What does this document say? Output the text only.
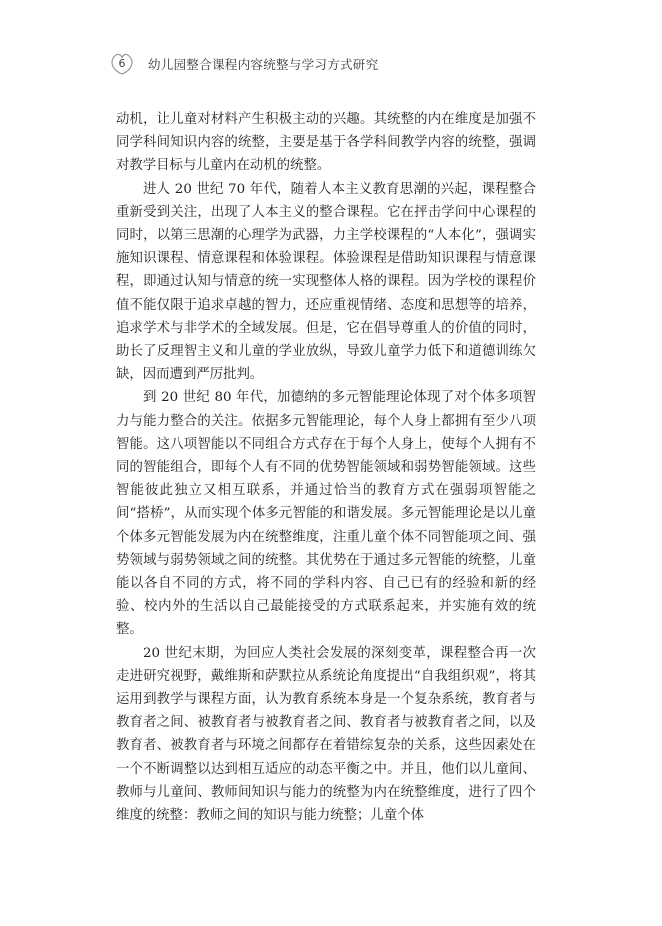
6	幼儿园整合课程内容统整与学习方式研究

动机，让儿童对材料产生积极主动的兴趣。其统整的内在维度是加强不同学科间知识内容的统整，主要是基于各学科间教学内容的统整，强调对教学目标与儿童内在动机的统整。

进人 20 世纪 70 年代，随着人本主义教育思潮的兴起，课程整合重新受到关注，出现了人本主义的整合课程。它在抨击学问中心课程的同时，以第三思潮的心理学为武器，力主学校课程的“人本化”，强调实施知识课程、情意课程和体验课程。体验课程是借助知识课程与情意课程，即通过认知与情意的统一实现整体人格的课程。因为学校的课程价值不能仅限于追求卓越的智力，还应重视情绪、态度和思想等的培养，追求学术与非学术的全域发展。但是，它在倡导尊重人的价值的同时，助长了反理智主义和儿童的学业放纵，导致儿童学力低下和道德训练欠缺，因而遭到严厉批判。

到 20 世纪 80 年代，加德纳的多元智能理论体现了对个体多项智力与能力整合的关注。依据多元智能理论，每个人身上都拥有至少八项智能。这八项智能以不同组合方式存在于每个人身上，使每个人拥有不同的智能组合，即每个人有不同的优势智能领域和弱势智能领域。这些智能彼此独立又相互联系，并通过恰当的教育方式在强弱项智能之间“搭桥”，从而实现个体多元智能的和谐发展。多元智能理论是以儿童个体多元智能发展为内在统整维度，注重儿童个体不同智能项之间、强势领域与弱势领域之间的统整。其优势在于通过多元智能的统整，儿童能以各自不同的方式，将不同的学科内容、自己已有的经验和新的经验、校内外的生活以自己最能接受的方式联系起来，并实施有效的统整。

20 世纪末期，为回应人类社会发展的深刻变革，课程整合再一次走进研究视野，戴维斯和萨默拉从系统论角度提出“自我组织观”，将其运用到教学与课程方面，认为教育系统本身是一个复杂系统，教育者与教育者之间、被教育者与被教育者之间、教育者与被教育者之间，以及教育者、被教育者与环境之间都存在着错综复杂的关系，这些因素处在一个不断调整以达到相互适应的动态平衡之中。并且，他们以儿童间、教师与儿童间、教师间知识与能力的统整为内在统整维度，进行了四个维度的统整：教师之间的知识与能力统整；儿童个体
